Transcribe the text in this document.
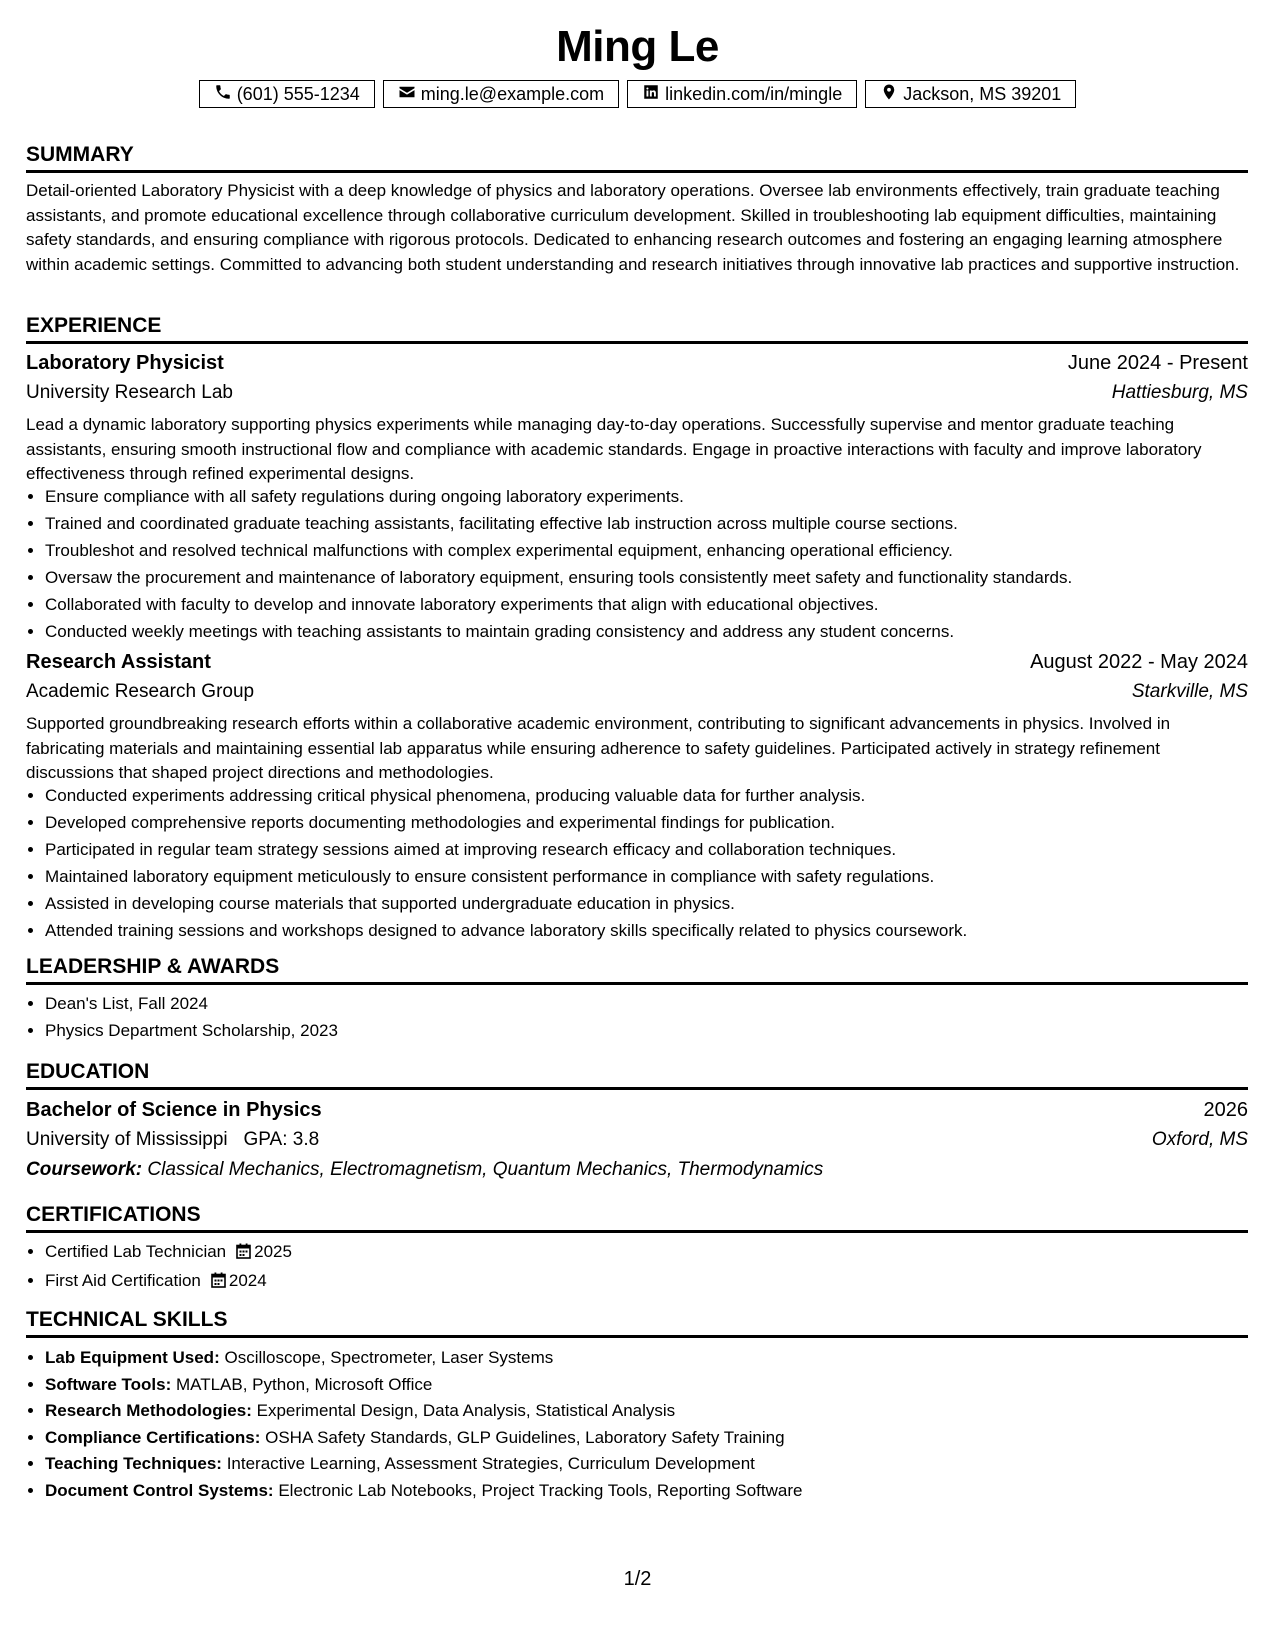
Ming Le
(601) 555-1234	ming.le@example.com	linkedin.com/in/mingle	Jackson, MS 39201
SUMMARY
Detail-oriented Laboratory Physicist with a deep knowledge of physics and laboratory operations. Oversee lab environments effectively, train graduate teaching assistants, and promote educational excellence through collaborative curriculum development. Skilled in troubleshooting lab equipment difficulties, maintaining safety standards, and ensuring compliance with rigorous protocols. Dedicated to enhancing research outcomes and fostering an engaging learning atmosphere within academic settings. Committed to advancing both student understanding and research initiatives through innovative lab practices and supportive instruction.
EXPERIENCE
Laboratory Physicist	June 2024 - Present
University Research Lab	Hattiesburg, MS
Lead a dynamic laboratory supporting physics experiments while managing day-to-day operations. Successfully supervise and mentor graduate teaching assistants, ensuring smooth instructional flow and compliance with academic standards. Engage in proactive interactions with faculty and improve laboratory effectiveness through refined experimental designs.
• Ensure compliance with all safety regulations during ongoing laboratory experiments.
• Trained and coordinated graduate teaching assistants, facilitating effective lab instruction across multiple course sections.
• Troubleshot and resolved technical malfunctions with complex experimental equipment, enhancing operational efficiency.
• Oversaw the procurement and maintenance of laboratory equipment, ensuring tools consistently meet safety and functionality standards.
• Collaborated with faculty to develop and innovate laboratory experiments that align with educational objectives.
• Conducted weekly meetings with teaching assistants to maintain grading consistency and address any student concerns.
Research Assistant	August 2022 - May 2024
Academic Research Group	Starkville, MS
Supported groundbreaking research efforts within a collaborative academic environment, contributing to significant advancements in physics. Involved in fabricating materials and maintaining essential lab apparatus while ensuring adherence to safety guidelines. Participated actively in strategy refinement discussions that shaped project directions and methodologies.
• Conducted experiments addressing critical physical phenomena, producing valuable data for further analysis.
• Developed comprehensive reports documenting methodologies and experimental findings for publication.
• Participated in regular team strategy sessions aimed at improving research efficacy and collaboration techniques.
• Maintained laboratory equipment meticulously to ensure consistent performance in compliance with safety regulations.
• Assisted in developing course materials that supported undergraduate education in physics.
• Attended training sessions and workshops designed to advance laboratory skills specifically related to physics coursework.
LEADERSHIP & AWARDS
• Dean's List, Fall 2024
• Physics Department Scholarship, 2023
EDUCATION
Bachelor of Science in Physics	2026
University of Mississippi GPA: 3.8	Oxford, MS
Coursework: Classical Mechanics, Electromagnetism, Quantum Mechanics, Thermodynamics
CERTIFICATIONS
• Certified Lab Technician 2025
• First Aid Certification 2024
TECHNICAL SKILLS
• Lab Equipment Used: Oscilloscope, Spectrometer, Laser Systems
• Software Tools: MATLAB, Python, Microsoft Office
• Research Methodologies: Experimental Design, Data Analysis, Statistical Analysis
• Compliance Certifications: OSHA Safety Standards, GLP Guidelines, Laboratory Safety Training
• Teaching Techniques: Interactive Learning, Assessment Strategies, Curriculum Development
• Document Control Systems: Electronic Lab Notebooks, Project Tracking Tools, Reporting Software
1/2
